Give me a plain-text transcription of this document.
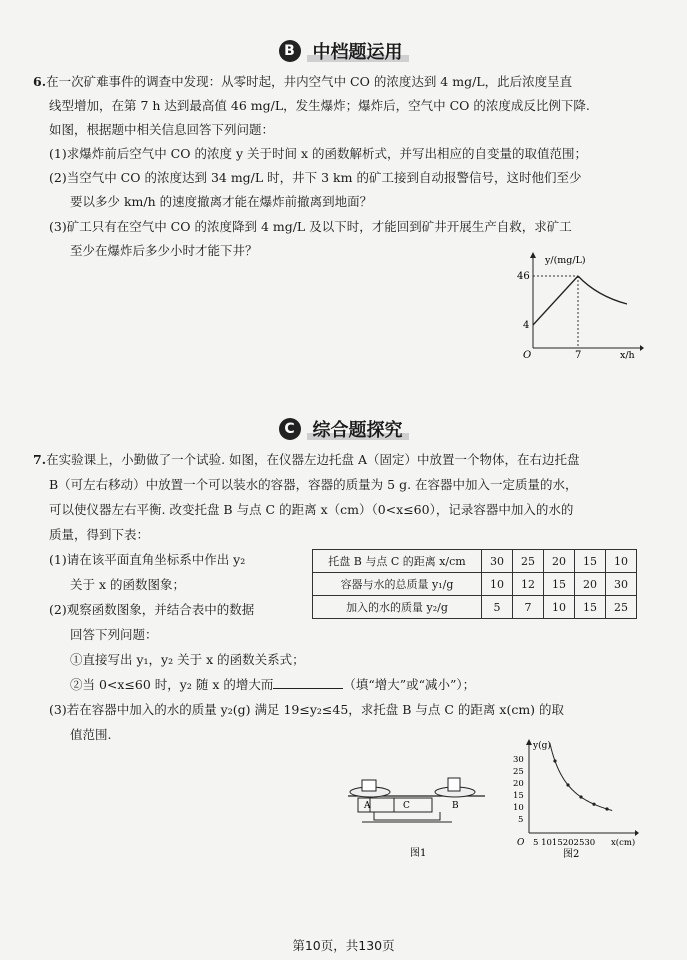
B 中档题运用
6.在一次矿难事件的调查中发现：从零时起，井内空气中 CO 的浓度达到 4 mg/L，此后浓度呈直
线型增加，在第 7 h 达到最高值 46 mg/L，发生爆炸；爆炸后，空气中 CO 的浓度成反比例下降.
如图，根据题中相关信息回答下列问题：
(1)求爆炸前后空气中 CO 的浓度 y 关于时间 x 的函数解析式，并写出相应的自变量的取值范围；
(2)当空气中 CO 的浓度达到 34 mg/L 时，井下 3 km 的矿工接到自动报警信号，这时他们至少
要以多少 km/h 的速度撤离才能在爆炸前撤离到地面？
(3)矿工只有在空气中 CO 的浓度降到 4 mg/L 及以下时，才能回到矿井开展生产自救，求矿工
至少在爆炸后多少小时才能下井？
y/(mg/L)
46
4
O	7	x/h
C 综合题探究
7.在实验课上，小勤做了一个试验. 如图，在仪器左边托盘 A（固定）中放置一个物体，在右边托盘
B（可左右移动）中放置一个可以装水的容器，容器的质量为 5 g. 在容器中加入一定质量的水，
可以使仪器左右平衡. 改变托盘 B 与点 C 的距离 x（cm）（0<x≤60），记录容器中加入的水的
质量，得到下表：
(1)请在该平面直角坐标系中作出 y₂
关于 x 的函数图象；
(2)观察函数图象，并结合表中的数据
回答下列问题：
①直接写出 y₁，y₂ 关于 x 的函数关系式；
②当 0<x≤60 时，y₂ 随 x 的增大而	（填“增大”或“减小”）；
(3)若在容器中加入的水的质量 y₂(g) 满足 19≤y₂≤45，求托盘 B 与点 C 的距离 x(cm) 的取
值范围.
托盘 B 与点 C 的距离 x/cm	30	25	20	15	10
容器与水的总质量 y₁/g	10	12	15	20	30
加入的水的质量 y₂/g	5	7	10	15	25
A	C	B
图1
y(g)
30
25
20
15
10
5
O 5 1015202530 x(cm)
图2
第10页，共130页
